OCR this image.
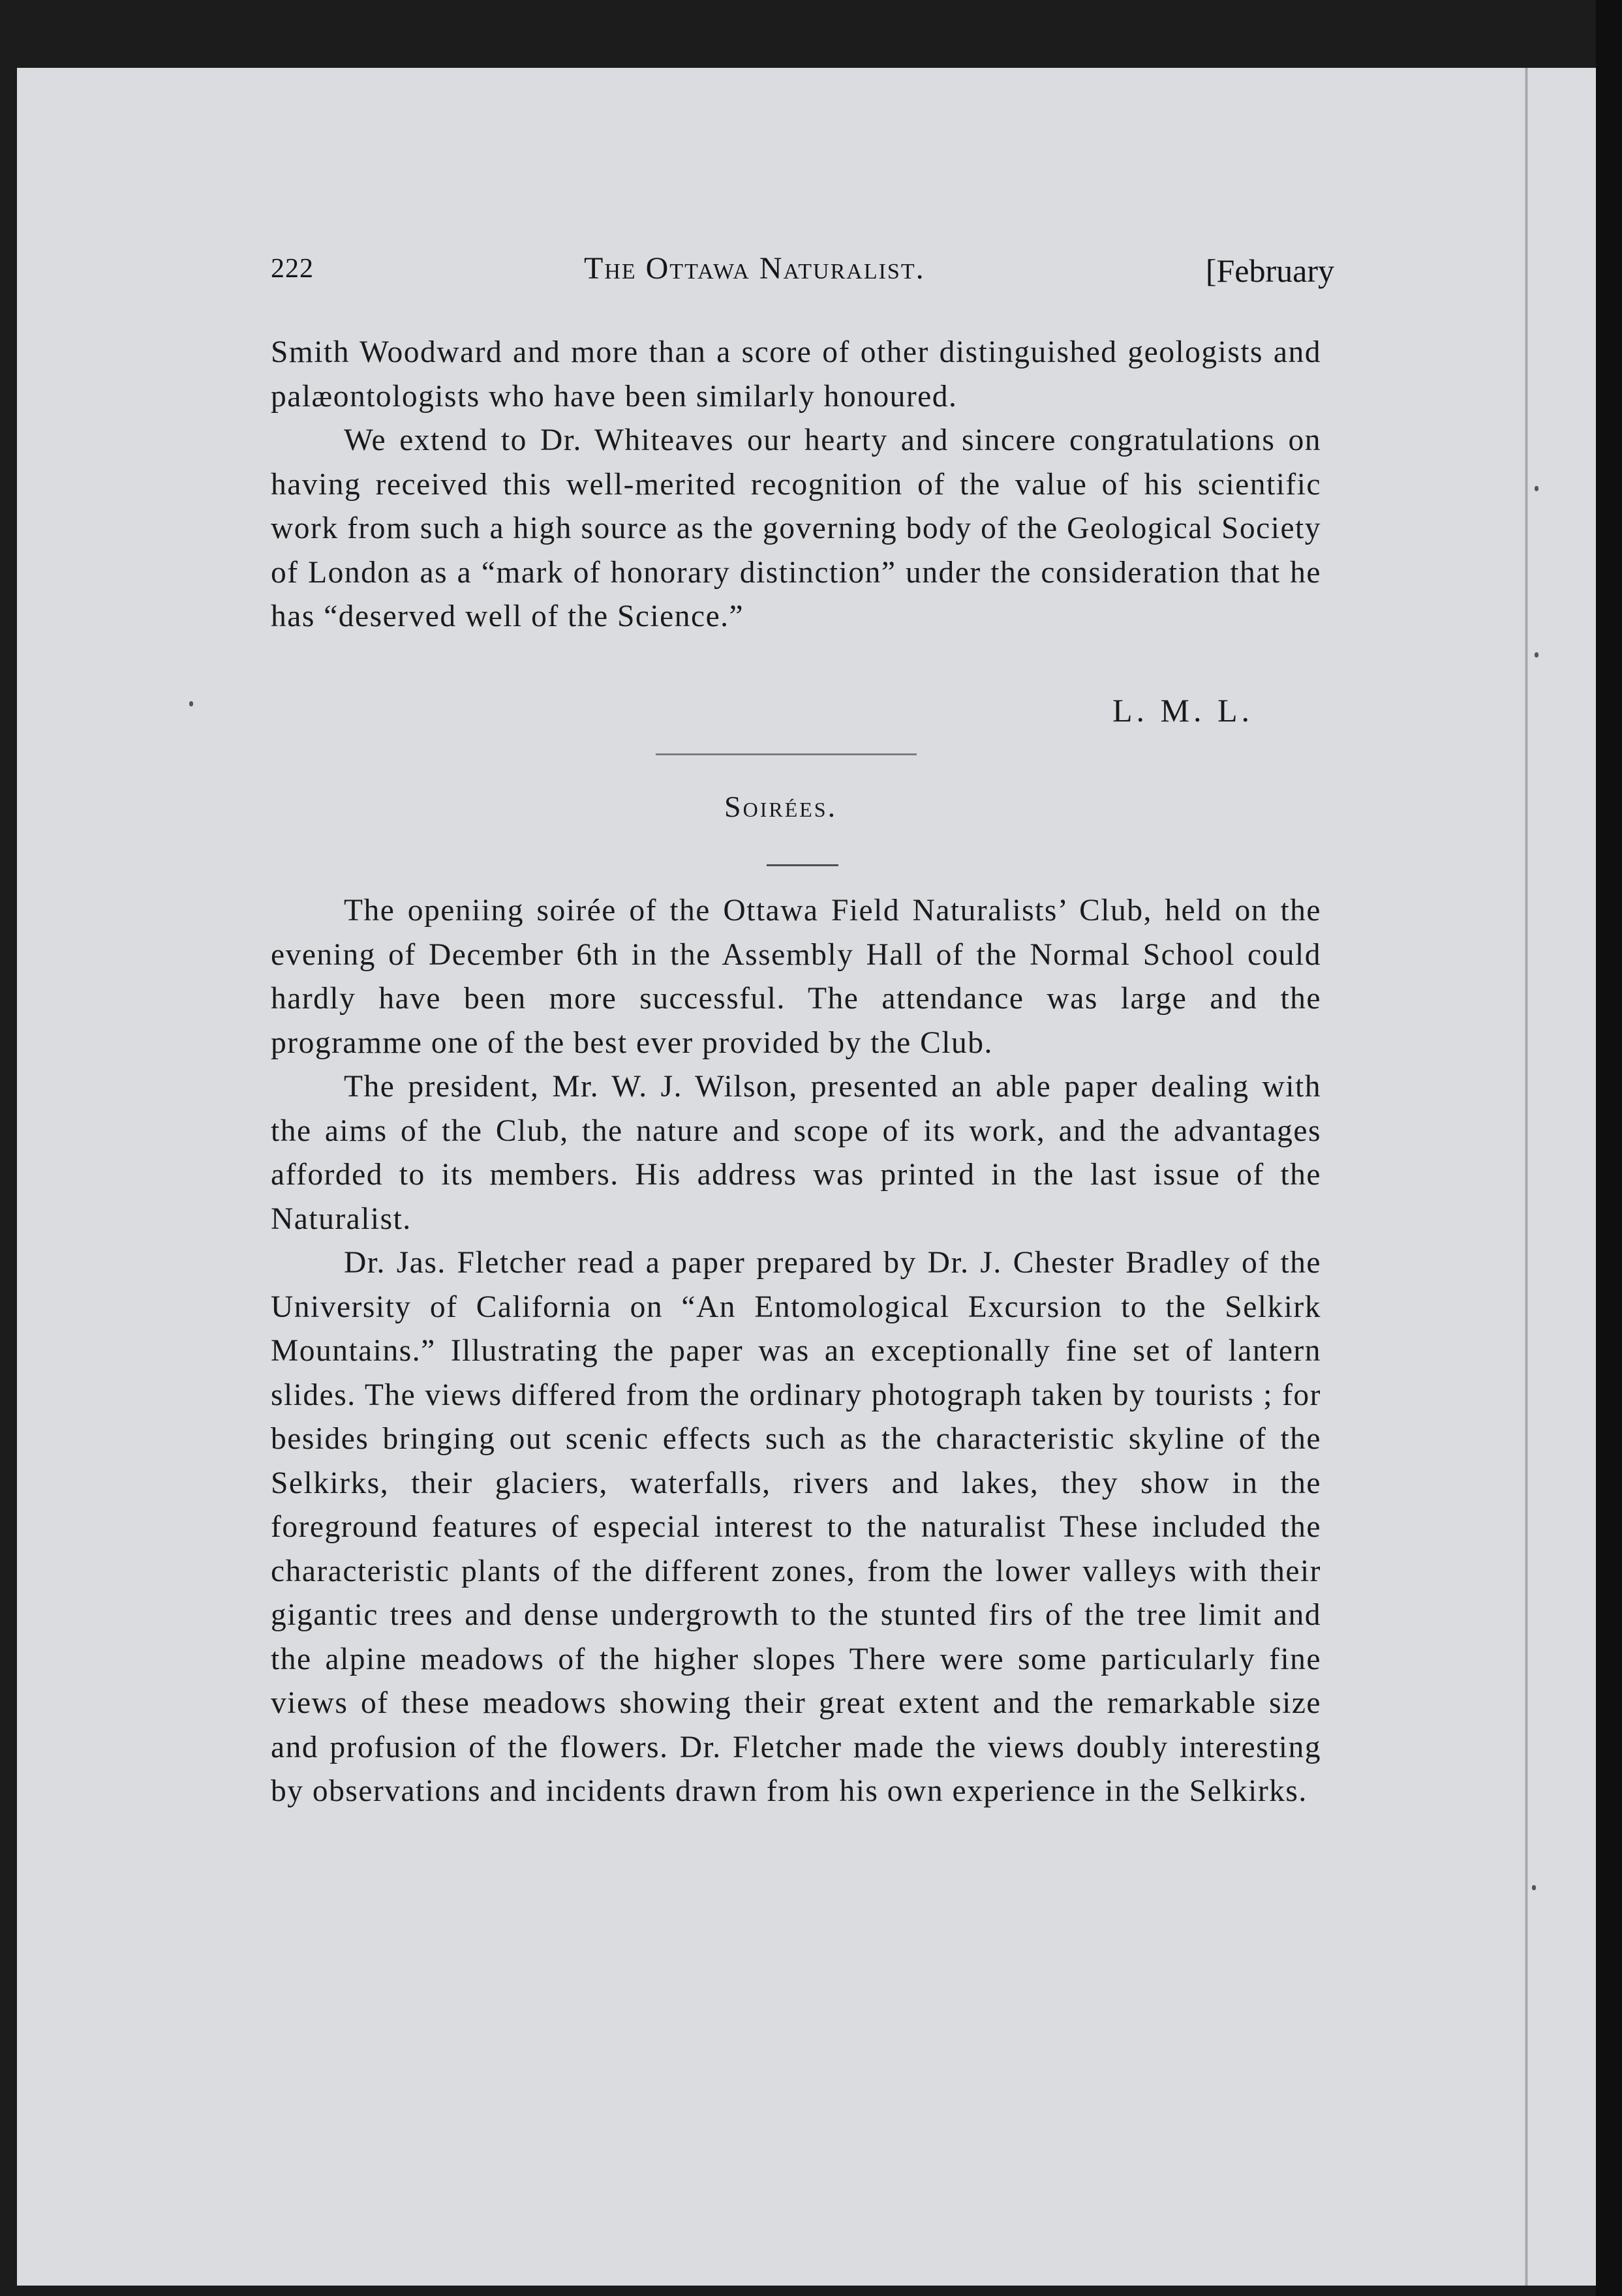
222	The Ottawa Naturalist.	[February

Smith Woodward and more than a score of other distinguished geologists and palæontologists who have been similarly honoured.

We extend to Dr. Whiteaves our hearty and sincere congratulations on having received this well-merited recognition of the value of his scientific work from such a high source as the governing body of the Geological Society of London as a “mark of honorary distinction” under the consideration that he has “deserved well of the Science.”

L. M. L.
Soirées.

The openiing soirée of the Ottawa Field Naturalists’ Club, held on the evening of December 6th in the Assembly Hall of the Normal School could hardly have been more successful. The attendance was large and the programme one of the best ever provided by the Club.

The president, Mr. W. J. Wilson, presented an able paper dealing with the aims of the Club, the nature and scope of its work, and the advantages afforded to its members. His address was printed in the last issue of the Naturalist.

Dr. Jas. Fletcher read a paper prepared by Dr. J. Chester Bradley of the University of California on “An Entomological Excursion to the Selkirk Mountains.” Illustrating the paper was an exceptionally fine set of lantern slides. The views differed from the ordinary photograph taken by tourists ; for besides bringing out scenic effects such as the characteristic skyline of the Selkirks, their glaciers, waterfalls, rivers and lakes, they show in the foreground features of especial interest to the naturalist These included the characteristic plants of the different zones, from the lower valleys with their gigantic trees and dense undergrowth to the stunted firs of the tree limit and the alpine meadows of the higher slopes There were some particularly fine views of these meadows showing their great extent and the remarkable size and profusion of the flowers. Dr. Fletcher made the views doubly interesting by observations and incidents drawn from his own experience in the Selkirks.
